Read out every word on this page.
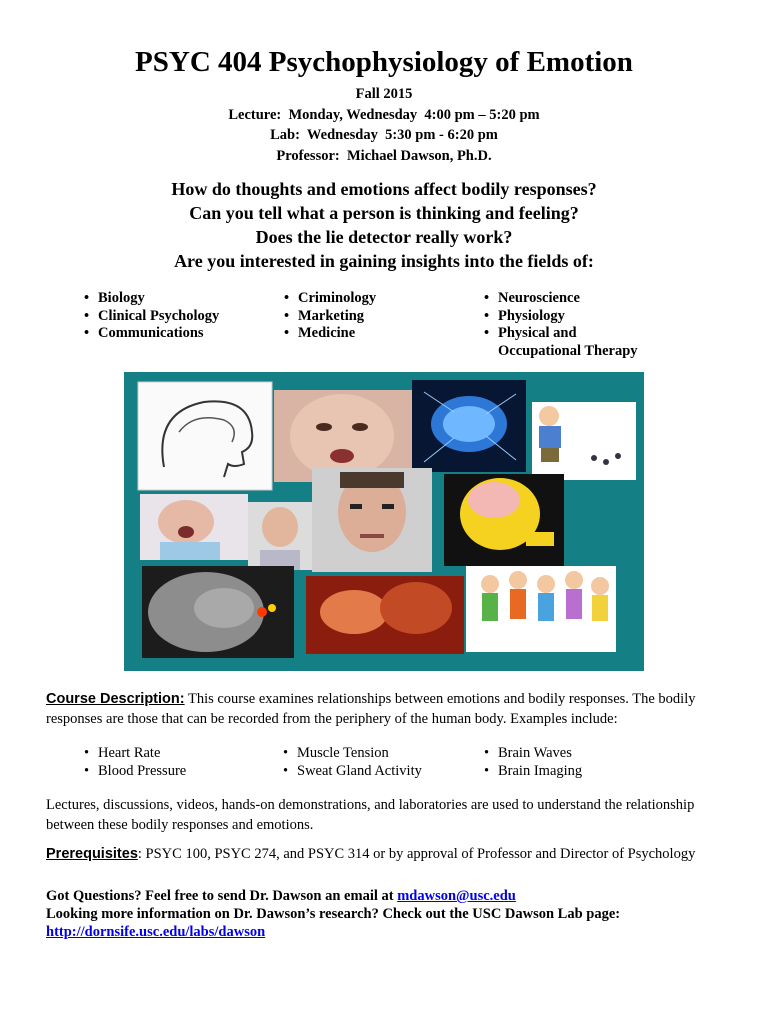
PSYC 404 Psychophysiology of Emotion
Fall 2015
Lecture:  Monday, Wednesday  4:00 pm – 5:20 pm
Lab:  Wednesday  5:30 pm - 6:20 pm
Professor:  Michael Dawson, Ph.D.
How do thoughts and emotions affect bodily responses?
Can you tell what a person is thinking and feeling?
Does the lie detector really work?
Are you interested in gaining insights into the fields of:
• Biology
• Clinical Psychology
• Communications
• Criminology
• Marketing
• Medicine
• Neuroscience
• Physiology
• Physical and
Occupational Therapy
Course Description: This course examines relationships between emotions and bodily responses. The bodily responses are those that can be recorded from the periphery of the human body. Examples include:
• Heart Rate
• Blood Pressure
• Muscle Tension
• Sweat Gland Activity
• Brain Waves
• Brain Imaging
Lectures, discussions, videos, hands-on demonstrations, and laboratories are used to understand the relationship between these bodily responses and emotions.
Prerequisites: PSYC 100, PSYC 274, and PSYC 314 or by approval of Professor and Director of Psychology
Got Questions? Feel free to send Dr. Dawson an email at mdawson@usc.edu
Looking more information on Dr. Dawson’s research? Check out the USC Dawson Lab page:
http://dornsife.usc.edu/labs/dawson
